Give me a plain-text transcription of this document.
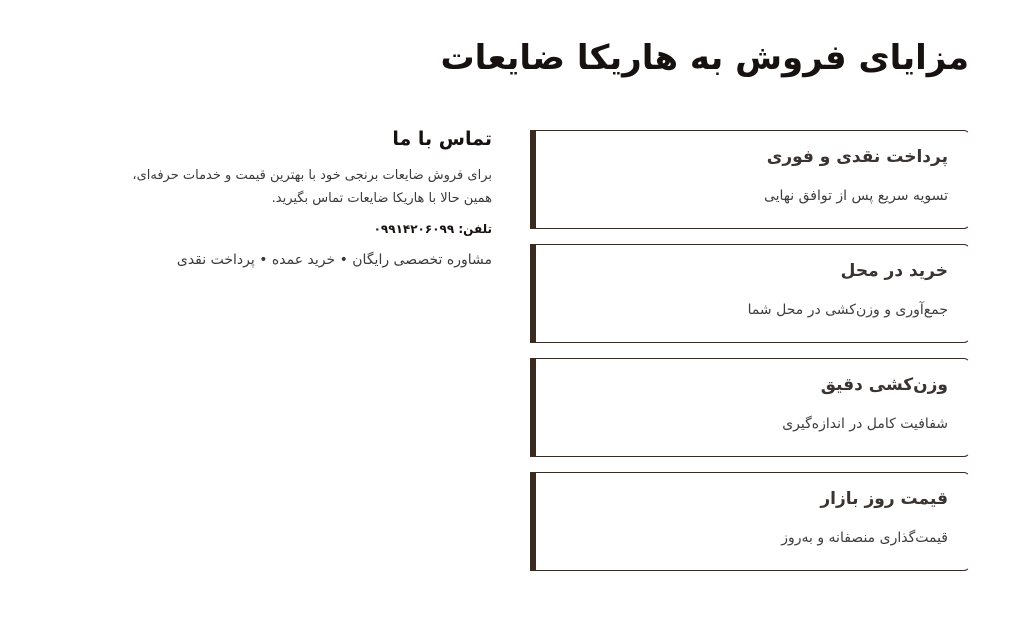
مزایای فروش به هاریکا ضایعات
پرداخت نقدی و فوری

تسویه سریع پس از توافق نهایی

خرید در محل

جمع‌آوری و وزن‌کشی در محل شما

وزن‌کشی دقیق

شفافیت کامل در اندازه‌گیری

قیمت روز بازار

قیمت‌گذاری منصفانه و به‌روز

تماس با ما

برای فروش ضایعات برنجی خود با بهترین قیمت و خدمات حرفه‌ای،
همین حالا با هاریکا ضایعات تماس بگیرید.

تلفن: ۰۹۹۱۴۲۰۶۰۹۹

مشاوره تخصصی رایگان • خرید عمده • پرداخت نقدی
